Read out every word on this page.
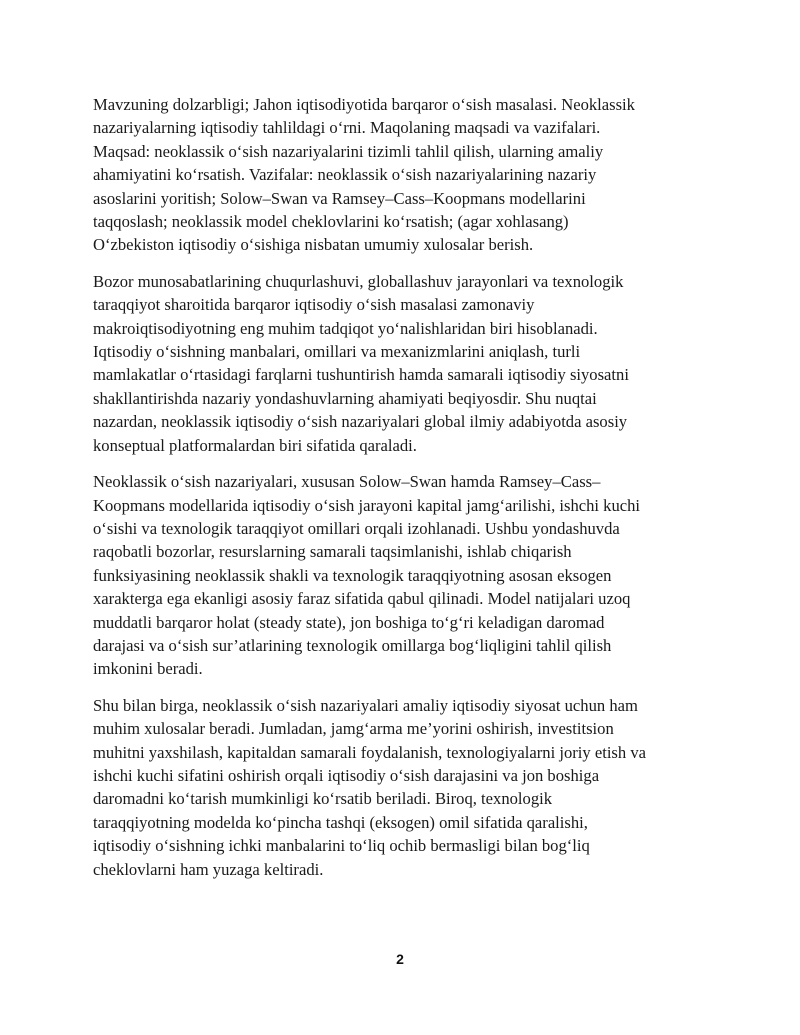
Mavzuning dolzarbligi; Jahon iqtisodiyotida barqaror o‘sish masalasi. Neoklassik
nazariyalarning iqtisodiy tahlildagi o‘rni. Maqolaning maqsadi va vazifalari.
Maqsad: neoklassik o‘sish nazariyalarini tizimli tahlil qilish, ularning amaliy
ahamiyatini ko‘rsatish. Vazifalar: neoklassik o‘sish nazariyalarining nazariy
asoslarini yoritish; Solow–Swan va Ramsey–Cass–Koopmans modellarini
taqqoslash; neoklassik model cheklovlarini ko‘rsatish; (agar xohlasang)
O‘zbekiston iqtisodiy o‘sishiga nisbatan umumiy xulosalar berish.

Bozor munosabatlarining chuqurlashuvi, globallashuv jarayonlari va texnologik
taraqqiyot sharoitida barqaror iqtisodiy o‘sish masalasi zamonaviy
makroiqtisodiyotning eng muhim tadqiqot yo‘nalishlaridan biri hisoblanadi.
Iqtisodiy o‘sishning manbalari, omillari va mexanizmlarini aniqlash, turli
mamlakatlar o‘rtasidagi farqlarni tushuntirish hamda samarali iqtisodiy siyosatni
shakllantirishda nazariy yondashuvlarning ahamiyati beqiyosdir. Shu nuqtai
nazardan, neoklassik iqtisodiy o‘sish nazariyalari global ilmiy adabiyotda asosiy
konseptual platformalardan biri sifatida qaraladi.

Neoklassik o‘sish nazariyalari, xususan Solow–Swan hamda Ramsey–Cass–
Koopmans modellarida iqtisodiy o‘sish jarayoni kapital jamg‘arilishi, ishchi kuchi
o‘sishi va texnologik taraqqiyot omillari orqali izohlanadi. Ushbu yondashuvda
raqobatli bozorlar, resurslarning samarali taqsimlanishi, ishlab chiqarish
funksiyasining neoklassik shakli va texnologik taraqqiyotning asosan eksogen
xarakterga ega ekanligi asosiy faraz sifatida qabul qilinadi. Model natijalari uzoq
muddatli barqaror holat (steady state), jon boshiga to‘g‘ri keladigan daromad
darajasi va o‘sish sur’atlarining texnologik omillarga bog‘liqligini tahlil qilish
imkonini beradi.

Shu bilan birga, neoklassik o‘sish nazariyalari amaliy iqtisodiy siyosat uchun ham
muhim xulosalar beradi. Jumladan, jamg‘arma me’yorini oshirish, investitsion
muhitni yaxshilash, kapitaldan samarali foydalanish, texnologiyalarni joriy etish va
ishchi kuchi sifatini oshirish orqali iqtisodiy o‘sish darajasini va jon boshiga
daromadni ko‘tarish mumkinligi ko‘rsatib beriladi. Biroq, texnologik
taraqqiyotning modelda ko‘pincha tashqi (eksogen) omil sifatida qaralishi,
iqtisodiy o‘sishning ichki manbalarini to‘liq ochib bermasligi bilan bog‘liq
cheklovlarni ham yuzaga keltiradi.

2
